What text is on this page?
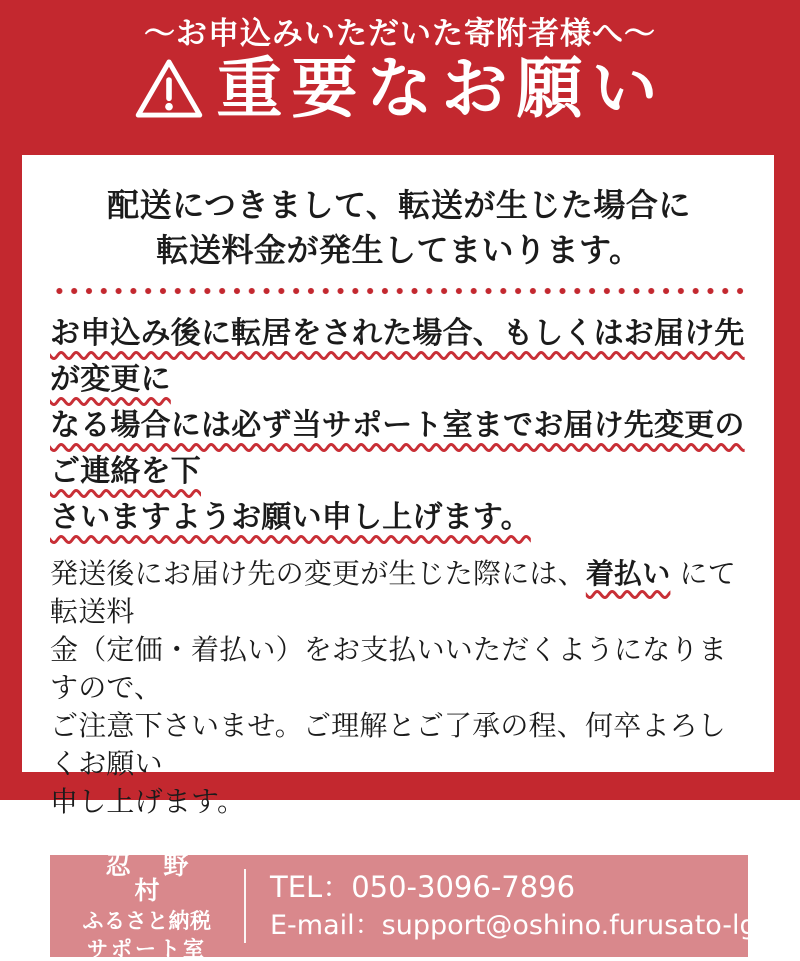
～お申込みいただいた寄附者様へ～
重要なお願い
配送につきまして、転送が生じた場合に
転送料金が発生してまいります。
お申込み後に転居をされた場合、もしくはお届け先が変更に
なる場合には必ず当サポート室までお届け先変更のご連絡を下
さいますようお願い申し上げます。
発送後にお届け先の変更が生じた際には、着払い にて転送料
金（定価・着払い）をお支払いいただくようになりますので、
ご注意下さいませ。ご理解とご了承の程、何卒よろしくお願い
申し上げます。
忍 野 村
ふるさと納税
サポート室
TEL：050-3096-7896
E-mail：support@oshino.furusato-lg.jp
